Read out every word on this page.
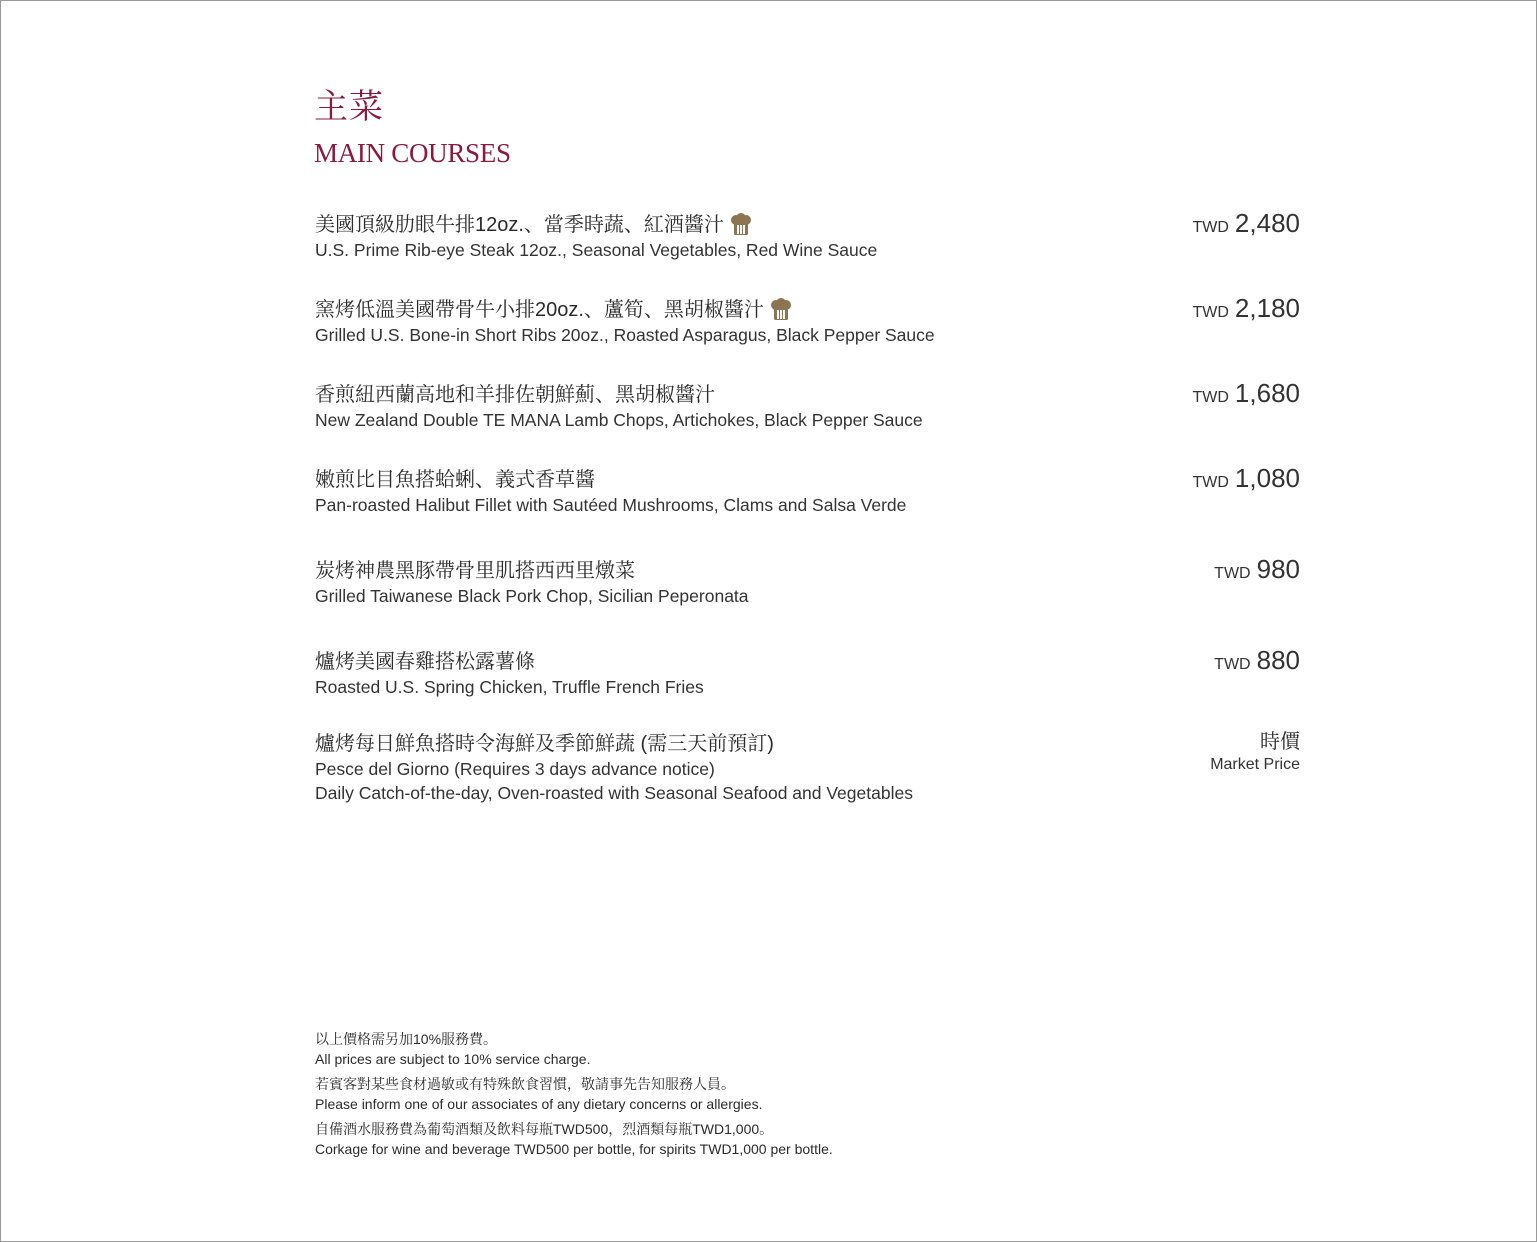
主菜
MAIN COURSES
美國頂級肋眼牛排12oz.、當季時蔬、紅酒醬汁
U.S. Prime Rib-eye Steak 12oz., Seasonal Vegetables, Red Wine Sauce
TWD 2,480
窯烤低溫美國帶骨牛小排20oz.、蘆筍、黑胡椒醬汁
Grilled U.S. Bone-in Short Ribs 20oz., Roasted Asparagus, Black Pepper Sauce
TWD 2,180
香煎紐西蘭高地和羊排佐朝鮮薊、黑胡椒醬汁
New Zealand Double TE MANA Lamb Chops, Artichokes, Black Pepper Sauce
TWD 1,680
嫩煎比目魚搭蛤蜊、義式香草醬
Pan-roasted Halibut Fillet with Sautéed Mushrooms, Clams and Salsa Verde
TWD 1,080
炭烤神農黑豚帶骨里肌搭西西里燉菜
Grilled Taiwanese Black Pork Chop, Sicilian Peperonata
TWD 980
爐烤美國春雞搭松露薯條
Roasted U.S. Spring Chicken, Truffle French Fries
TWD 880
爐烤每日鮮魚搭時令海鮮及季節鮮蔬 (需三天前預訂)
Pesce del Giorno (Requires 3 days advance notice)
Daily Catch-of-the-day, Oven-roasted with Seasonal Seafood and Vegetables
時價
Market Price
以上價格需另加10%服務費。
All prices are subject to 10% service charge.
若賓客對某些食材過敏或有特殊飲食習慣，敬請事先告知服務人員。
Please inform one of our associates of any dietary concerns or allergies.
自備酒水服務費為葡萄酒類及飲料每瓶TWD500，烈酒類每瓶TWD1,000。
Corkage for wine and beverage TWD500 per bottle, for spirits TWD1,000 per bottle.
